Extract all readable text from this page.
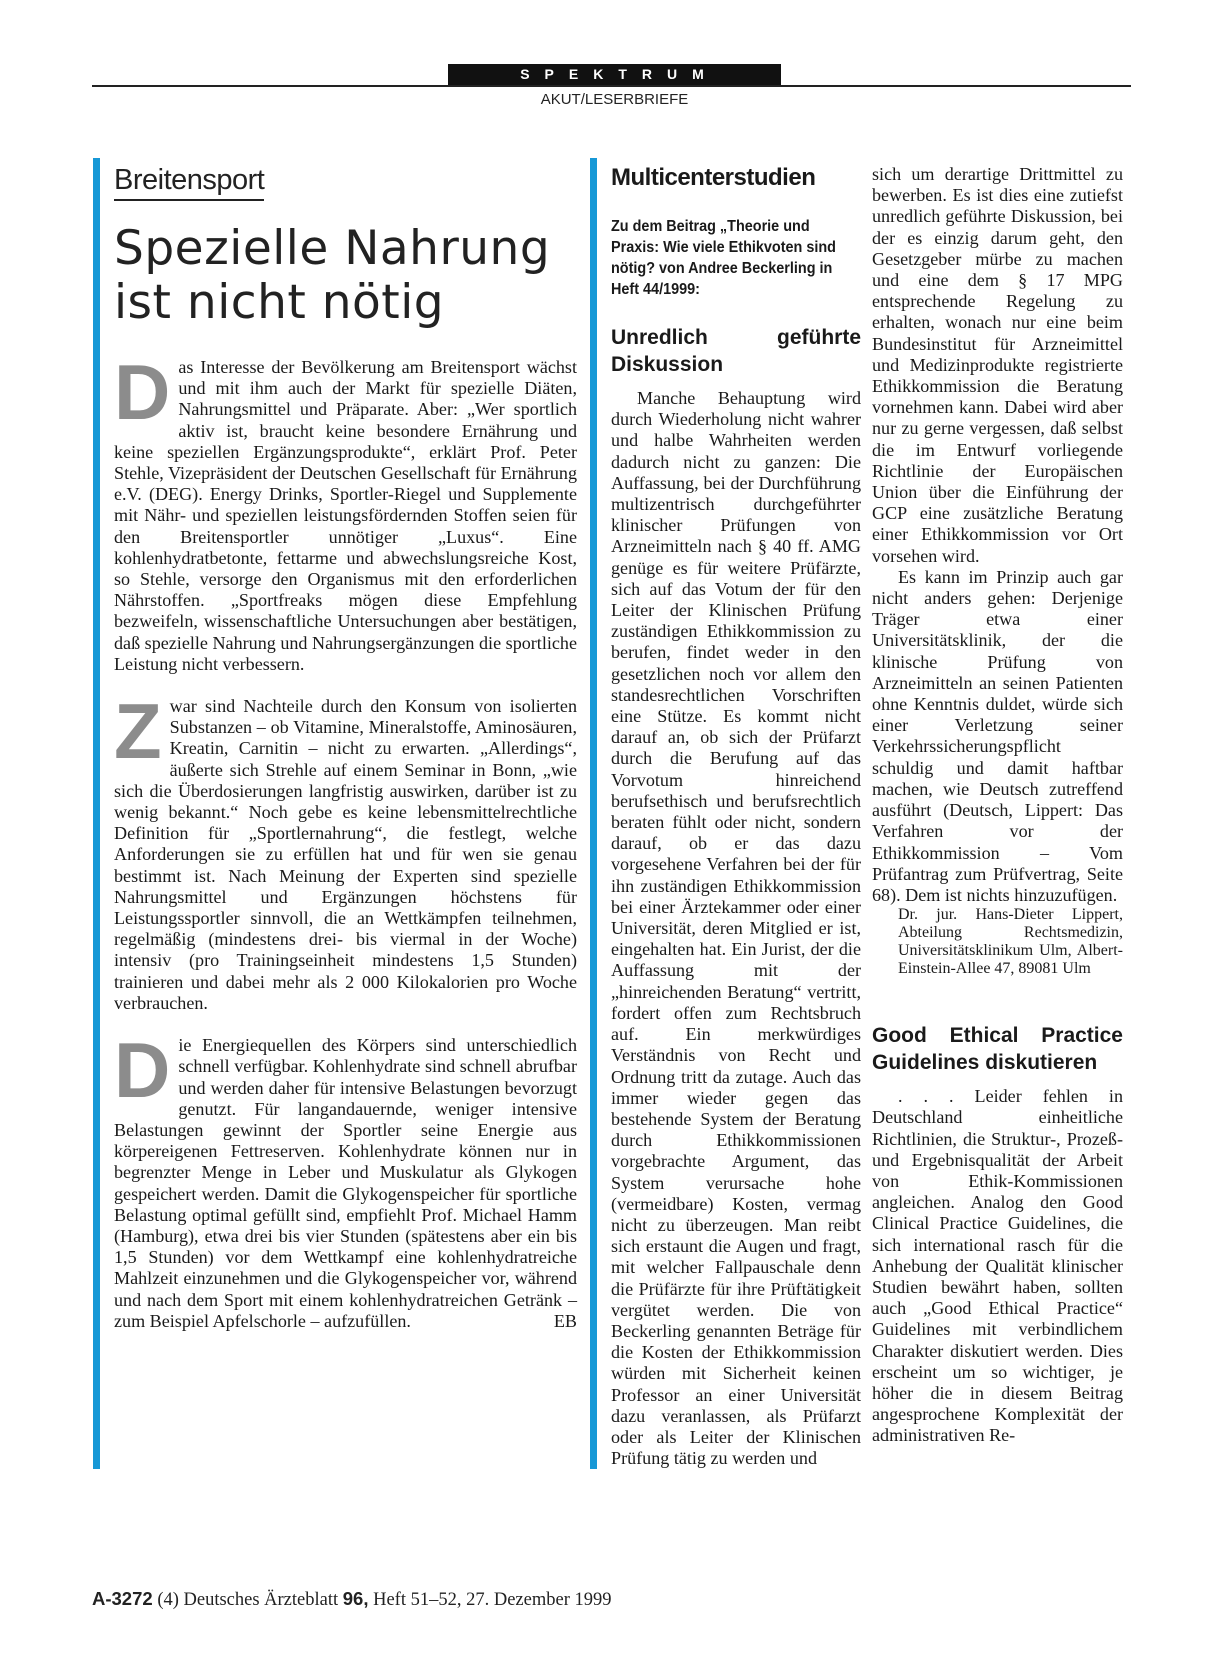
SPEKTRUM
AKUT/LESERBRIEFE
Breitensport
Spezielle Nahrung ist nicht nötig

Das Interesse der Bevölkerung am Breitensport wächst und mit ihm auch der Markt für spezielle Diäten, Nahrungsmittel und Präparate. Aber: „Wer sportlich aktiv ist, braucht keine besondere Ernährung und keine speziellen Ergänzungsprodukte“, erklärt Prof. Peter Stehle, Vizepräsident der Deutschen Gesellschaft für Ernährung e.V. (DEG). Energy Drinks, Sportler-Riegel und Supplemente mit Nähr- und speziellen leistungsfördernden Stoffen seien für den Breitensportler unnötiger „Luxus“. Eine kohlenhydratbetonte, fettarme und abwechslungsreiche Kost, so Stehle, versorge den Organismus mit den erforderlichen Nährstoffen. „Sportfreaks mögen diese Empfehlung bezweifeln, wissenschaftliche Untersuchungen aber bestätigen, daß spezielle Nahrung und Nahrungsergänzungen die sportliche Leistung nicht verbessern.

Zwar sind Nachteile durch den Konsum von isolierten Substanzen – ob Vitamine, Mineralstoffe, Aminosäuren, Kreatin, Carnitin – nicht zu erwarten. „Allerdings“, äußerte sich Strehle auf einem Seminar in Bonn, „wie sich die Überdosierungen langfristig auswirken, darüber ist zu wenig bekannt.“ Noch gebe es keine lebensmittelrechtliche Definition für „Sportlernahrung“, die festlegt, welche Anforderungen sie zu erfüllen hat und für wen sie genau bestimmt ist. Nach Meinung der Experten sind spezielle Nahrungsmittel und Ergänzungen höchstens für Leistungssportler sinnvoll, die an Wettkämpfen teilnehmen, regelmäßig (mindestens drei- bis viermal in der Woche) intensiv (pro Trainingseinheit mindestens 1,5 Stunden) trainieren und dabei mehr als 2 000 Kilokalorien pro Woche verbrauchen.

Die Energiequellen des Körpers sind unterschiedlich schnell verfügbar. Kohlenhydrate sind schnell abrufbar und werden daher für intensive Belastungen bevorzugt genutzt. Für langandauernde, weniger intensive Belastungen gewinnt der Sportler seine Energie aus körpereigenen Fettreserven. Kohlenhydrate können nur in begrenzter Menge in Leber und Muskulatur als Glykogen gespeichert werden. Damit die Glykogenspeicher für sportliche Belastung optimal gefüllt sind, empfiehlt Prof. Michael Hamm (Hamburg), etwa drei bis vier Stunden (spätestens aber ein bis 1,5 Stunden) vor dem Wettkampf eine kohlenhydratreiche Mahlzeit einzunehmen und die Glykogenspeicher vor, während und nach dem Sport mit einem kohlenhydratreichen Getränk – zum Beispiel Apfelschorle – aufzufüllen.	EB

Multicenterstudien

Zu dem Beitrag „Theorie und Praxis: Wie viele Ethikvoten sind nötig? von Andree Beckerling in Heft 44/1999:

Unredlich geführte Diskussion

Manche Behauptung wird durch Wiederholung nicht wahrer und halbe Wahrheiten werden dadurch nicht zu ganzen: Die Auffassung, bei der Durchführung multizentrisch durchgeführter klinischer Prüfungen von Arzneimitteln nach § 40 ff. AMG genüge es für weitere Prüfärzte, sich auf das Votum der für den Leiter der Klinischen Prüfung zuständigen Ethikkommission zu berufen, findet weder in den gesetzlichen noch vor allem den standesrechtlichen Vorschriften eine Stütze. Es kommt nicht darauf an, ob sich der Prüfarzt durch die Berufung auf das Vorvotum hinreichend berufsethisch und berufsrechtlich beraten fühlt oder nicht, sondern darauf, ob er das dazu vorgesehene Verfahren bei der für ihn zuständigen Ethikkommission bei einer Ärztekammer oder einer Universität, deren Mitglied er ist, eingehalten hat. Ein Jurist, der die Auffassung mit der „hinreichenden Beratung“ vertritt, fordert offen zum Rechtsbruch auf. Ein merkwürdiges Verständnis von Recht und Ordnung tritt da zutage. Auch das immer wieder gegen das bestehende System der Beratung durch Ethikkommissionen vorgebrachte Argument, das System verursache hohe (vermeidbare) Kosten, vermag nicht zu überzeugen. Man reibt sich erstaunt die Augen und fragt, mit welcher Fallpauschale denn die Prüfärzte für ihre Prüftätigkeit vergütet werden. Die von Beckerling genannten Beträge für die Kosten der Ethikkommission würden mit Sicherheit keinen Professor an einer Universität dazu veranlassen, als Prüfarzt oder als Leiter der Klinischen Prüfung tätig zu werden und

sich um derartige Drittmittel zu bewerben. Es ist dies eine zutiefst unredlich geführte Diskussion, bei der es einzig darum geht, den Gesetzgeber mürbe zu machen und eine dem § 17 MPG entsprechende Regelung zu erhalten, wonach nur eine beim Bundesinstitut für Arzneimittel und Medizinprodukte registrierte Ethikkommission die Beratung vornehmen kann. Dabei wird aber nur zu gerne vergessen, daß selbst die im Entwurf vorliegende Richtlinie der Europäischen Union über die Einführung der GCP eine zusätzliche Beratung einer Ethikkommission vor Ort vorsehen wird.

Es kann im Prinzip auch gar nicht anders gehen: Derjenige Träger etwa einer Universitätsklinik, der die klinische Prüfung von Arzneimitteln an seinen Patienten ohne Kenntnis duldet, würde sich einer Verletzung seiner Verkehrssicherungspflicht schuldig und damit haftbar machen, wie Deutsch zutreffend ausführt (Deutsch, Lippert: Das Verfahren vor der Ethikkommission – Vom Prüfantrag zum Prüfvertrag, Seite 68). Dem ist nichts hinzuzufügen.

Dr. jur. Hans-Dieter Lippert, Abteilung Rechtsmedizin, Universitätsklinikum Ulm, Albert-Einstein-Allee 47, 89081 Ulm

Good Ethical Practice Guidelines diskutieren

. . . Leider fehlen in Deutschland einheitliche Richtlinien, die Struktur-, Prozeß- und Ergebnisqualität der Arbeit von Ethik-Kommissionen angleichen. Analog den Good Clinical Practice Guidelines, die sich international rasch für die Anhebung der Qualität klinischer Studien bewährt haben, sollten auch „Good Ethical Practice“ Guidelines mit verbindlichem Charakter diskutiert werden. Dies erscheint um so wichtiger, je höher die in diesem Beitrag angesprochene Komplexität der administrativen Re-

A-3272 (4) Deutsches Ärzteblatt 96, Heft 51–52, 27. Dezember 1999
